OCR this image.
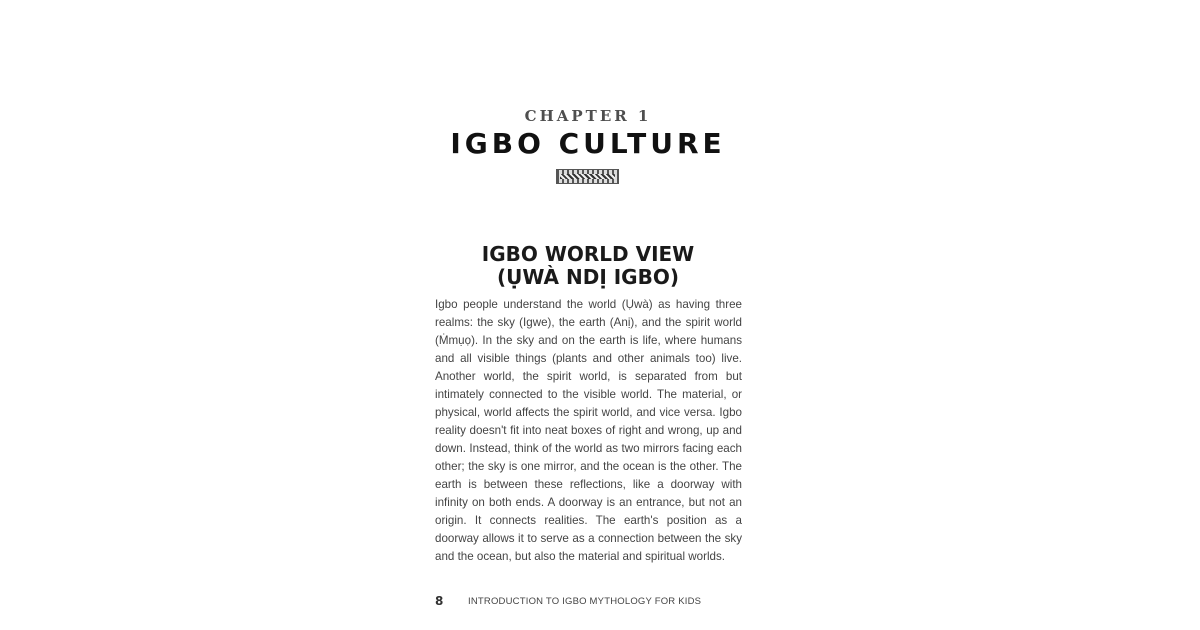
CHAPTER 1
IGBO CULTURE
IGBO WORLD VIEW
(ỤWÀ NDỊ IGBO)

Igbo people understand the world (Ụwà) as having three realms: the sky (Igwe), the earth (Anị), and the spirit world (Ṁmụọ). In the sky and on the earth is life, where humans and all visible things (plants and other animals too) live. Another world, the spirit world, is separated from but intimately connected to the visible world. The material, or physical, world affects the spirit world, and vice versa. Igbo reality doesn't fit into neat boxes of right and wrong, up and down. Instead, think of the world as two mirrors facing each other; the sky is one mirror, and the ocean is the other. The earth is between these reflections, like a doorway with infinity on both ends. A doorway is an entrance, but not an origin. It connects realities. The earth's position as a doorway allows it to serve as a connection between the sky and the ocean, but also the material and spiritual worlds.

8	INTRODUCTION TO IGBO MYTHOLOGY FOR KIDS
